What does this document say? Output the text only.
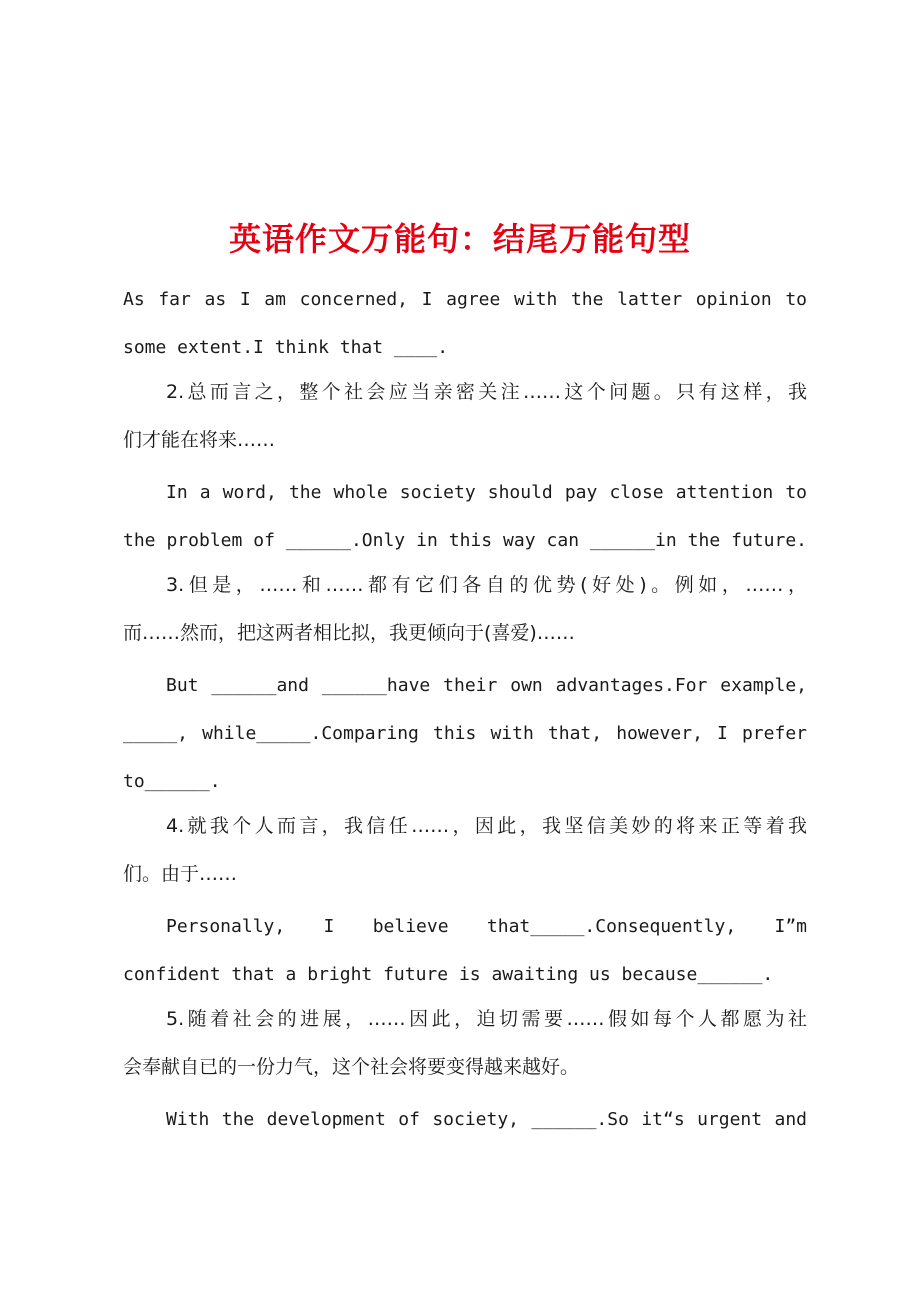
英语作文万能句：结尾万能句型
As far as I am concerned, I agree with the latter opinion to
some extent.I think that ____.
2.总而言之，整个社会应当亲密关注……这个问题。只有这样，我
们才能在将来……
In a word, the whole society should pay close attention to
the problem of ______.Only in this way can ______in the future.
3.但是，……和……都有它们各自的优势(好处)。例如，……，
而……然而，把这两者相比拟，我更倾向于(喜爱)……
But ______and ______have their own advantages.For example,
_____, while_____.Comparing this with that, however, I prefer
to______.
4.就我个人而言，我信任……，因此，我坚信美妙的将来正等着我
们。由于……
Personally, I believe that_____.Consequently, I”m
confident that a bright future is awaiting us because______.
5.随着社会的进展，……因此，迫切需要……假如每个人都愿为社
会奉献自已的一份力气，这个社会将要变得越来越好。
With the development of society, ______.So it“s urgent and
